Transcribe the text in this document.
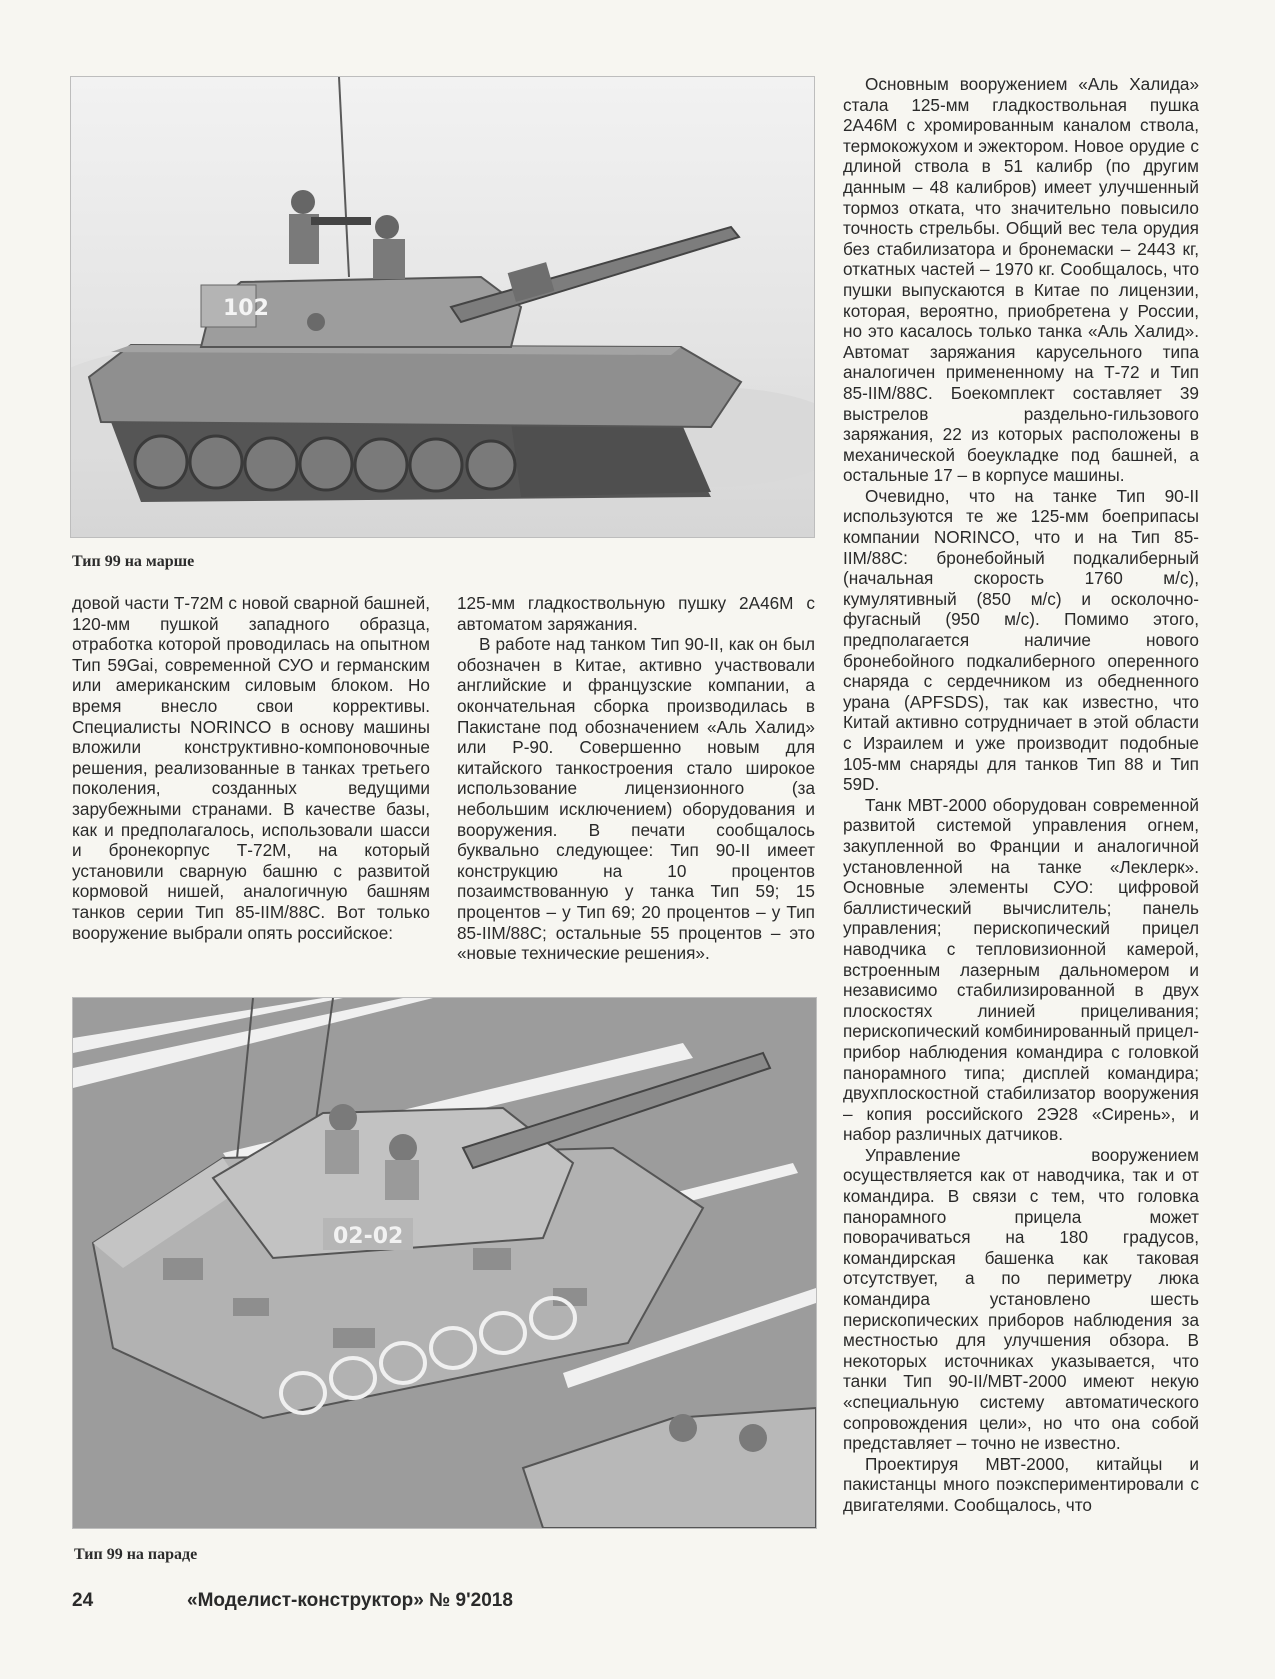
102
Тип 99 на марше
02-02
Тип 99 на параде

довой части Т-72М с новой сварной башней, 120-мм пушкой западного образца, отработка которой проводилась на опытном Тип 59Gai, современной СУО и германским или американским силовым блоком. Но время внесло свои коррективы. Специалисты NORINCO в основу машины вложили конструктивно-компоновочные решения, реализованные в танках третьего поколения, созданных ведущими зарубежными странами. В качестве базы, как и предполагалось, использовали шасси и бронекорпус Т-72М, на который установили сварную башню с развитой кормовой нишей, аналогичную башням танков серии Тип 85-IIM/88С. Вот только вооружение выбрали опять российское:

125-мм гладкоствольную пушку 2А46М с автоматом заряжания.

В работе над танком Тип 90-II, как он был обозначен в Китае, активно участвовали английские и французские компании, а окончательная сборка производилась в Пакистане под обозначением «Аль Халид» или Р-90. Совершенно новым для китайского танкостроения стало широкое использование лицензионного (за небольшим исключением) оборудования и вооружения. В печати сообщалось буквально следующее: Тип 90-II имеет конструкцию на 10 процентов позаимствованную у танка Тип 59; 15 процентов – у Тип 69; 20 процентов – у Тип 85-IIM/88С; остальные 55 процентов – это «новые технические решения».

Основным вооружением «Аль Халида» стала 125-мм гладкоствольная пушка 2А46М с хромированным каналом ствола, термокожухом и эжектором. Новое орудие с длиной ствола в 51 калибр (по другим данным – 48 калибров) имеет улучшенный тормоз отката, что значительно повысило точность стрельбы. Общий вес тела орудия без стабилизатора и бронемаски – 2443 кг, откатных частей – 1970 кг. Сообщалось, что пушки выпускаются в Китае по лицензии, которая, вероятно, приобретена у России, но это касалось только танка «Аль Халид». Автомат заряжания карусельного типа аналогичен примененному на Т-72 и Тип 85-IIM/88С. Боекомплект составляет 39 выстрелов раздельно-гильзового заряжания, 22 из которых расположены в механической боеукладке под башней, а остальные 17 – в корпусе машины.

Очевидно, что на танке Тип 90-II используются те же 125-мм боеприпасы компании NORINCO, что и на Тип 85-IIM/88С: бронебойный подкалиберный (начальная скорость 1760 м/с), кумулятивный (850 м/с) и осколочно-фугасный (950 м/с). Помимо этого, предполагается наличие нового бронебойного подкалиберного оперенного снаряда с сердечником из обедненного урана (APFSDS), так как известно, что Китай активно сотрудничает в этой области с Израилем и уже производит подобные 105-мм снаряды для танков Тип 88 и Тип 59D.

Танк МВТ-2000 оборудован современной развитой системой управления огнем, закупленной во Франции и аналогичной установленной на танке «Леклерк». Основные элементы СУО: цифровой баллистический вычислитель; панель управления; перископический прицел наводчика с тепловизионной камерой, встроенным лазерным дальномером и независимо стабилизированной в двух плоскостях линией прицеливания; перископический комбинированный прицел-прибор наблюдения командира с головкой панорамного типа; дисплей командира; двухплоскостной стабилизатор вооружения – копия российского 2Э28 «Сирень», и набор различных датчиков.

Управление вооружением осуществляется как от наводчика, так и от командира. В связи с тем, что головка панорамного прицела может поворачиваться на 180 градусов, командирская башенка как таковая отсутствует, а по периметру люка командира установлено шесть перископических приборов наблюдения за местностью для улучшения обзора. В некоторых источниках указывается, что танки Тип 90-II/МВТ-2000 имеют некую «специальную систему автоматического сопровождения цели», но что она собой представляет – точно не известно.

Проектируя МВТ-2000, китайцы и пакистанцы много поэкспериментировали с двигателями. Сообщалось, что

24	«Моделист-конструктор» № 9'2018
